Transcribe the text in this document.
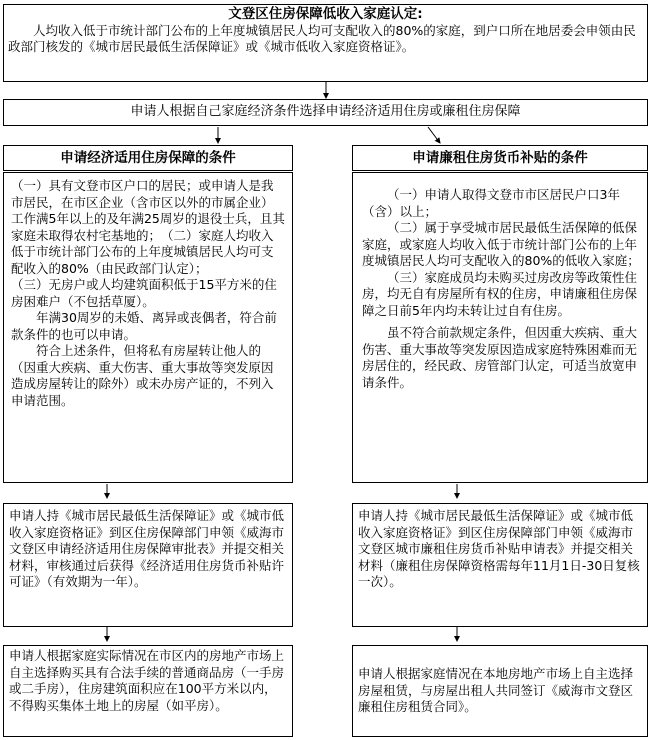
文登区住房保障低收入家庭认定:
人均收入低于市统计部门公布的上年度城镇居民人均可支配收入的80%的家庭，到户口所在地居委会申领由民政部门核发的《城市居民最低生活保障证》或《城市低收入家庭资格证》。
申请人根据自己家庭经济条件选择申请经济适用住房或廉租住房保障
申请经济适用住房保障的条件
（一）具有文登市区户口的居民；或申请人是我市居民，在市区企业（含市区以外的市属企业）工作满5年以上的及年满25周岁的退役士兵，且其家庭未取得农村宅基地的；　（二）家庭人均收入低于市统计部门公布的上年度城镇居民人均可支配收入的80%（由民政部门认定）；
（三）无房户或人均建筑面积低于15平方米的住房困难户（不包括草厦）。
年满30周岁的未婚、离异或丧偶者，符合前款条件的也可以申请。
符合上述条件，但将私有房屋转让他人的（因重大疾病、重大伤害、重大事故等突发原因造成房屋转让的除外）或未办房产证的，不列入申请范围。
申请廉租住房货币补贴的条件
（一）申请人取得文登市市区居民户口3年（含）以上；
（二）属于享受城市居民最低生活保障的低保家庭，或家庭人均收入低于市统计部门公布的上年度城镇居民人均可支配收入的80%的低收入家庭；
（三）家庭成员均未购买过房改房等政策性住房，均无自有房屋所有权的住房，申请廉租住房保障之日前5年内均未转让过自有住房。
虽不符合前款规定条件，但因重大疾病、重大伤害、重大事故等突发原因造成家庭特殊困难而无房居住的，经民政、房管部门认定，可适当放宽申请条件。
申请人持《城市居民最低生活保障证》或《城市低收入家庭资格证》到区住房保障部门申领《威海市文登区申请经济适用住房保障审批表》并提交相关材料，审核通过后获得《经济适用住房货币补贴许可证》（有效期为一年）。
申请人持《城市居民最低生活保障证》或《城市低收入家庭资格证》到区住房保障部门申领《威海市文登区城市廉租住房货币补贴申请表》并提交相关材料（廉租住房保障资格需每年11月1日-30日复核一次）。
申请人根据家庭实际情况在市区内的房地产市场上自主选择购买具有合法手续的普通商品房（一手房或二手房），住房建筑面积应在100平方米以内，不得购买集体土地上的房屋（如平房）。
申请人根据家庭情况在本地房地产市场上自主选择房屋租赁，与房屋出租人共同签订《威海市文登区廉租住房租赁合同》。
